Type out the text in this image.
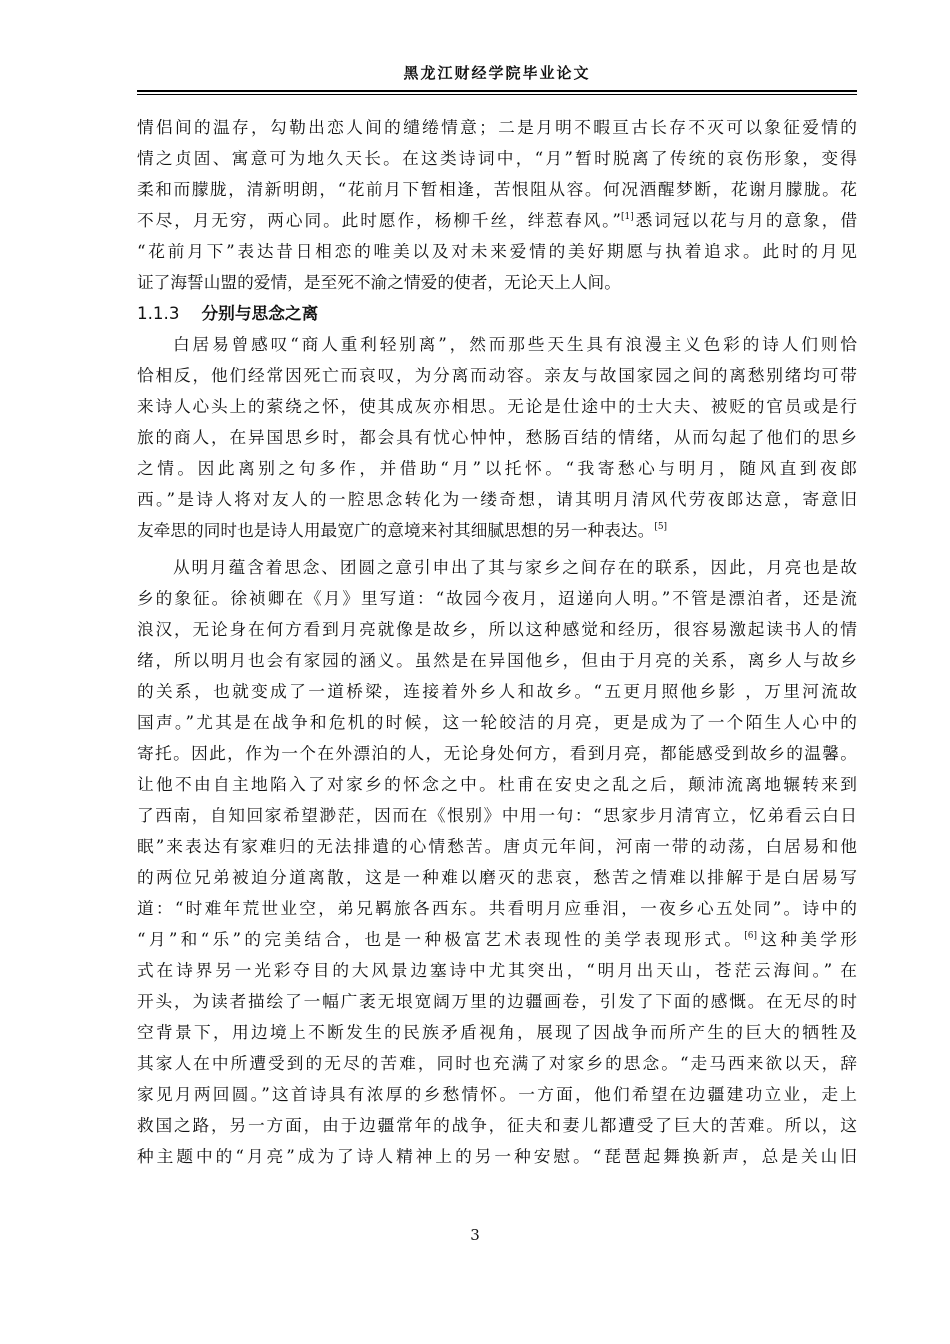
黑龙江财经学院毕业论文
情侣间的温存，勾勒出恋人间的缱绻情意；二是月明不暇亘古长存不灭可以象征爱情的
情之贞固、寓意可为地久天长。在这类诗词中，“月”暂时脱离了传统的哀伤形象，变得
柔和而朦胧，清新明朗，“花前月下暂相逢，苦恨阻从容。何况酒醒梦断，花谢月朦胧。花
不尽，月无穷，两心同。此时愿作，杨柳千丝，绊惹春风。”[1]悉词冠以花与月的意象，借
“花前月下”表达昔日相恋的唯美以及对未来爱情的美好期愿与执着追求。此时的月见
证了海誓山盟的爱情，是至死不渝之情爱的使者，无论天上人间。
1.1.3 分别与思念之离
白居易曾感叹“商人重利轻别离”，然而那些天生具有浪漫主义色彩的诗人们则恰
恰相反，他们经常因死亡而哀叹，为分离而动容。亲友与故国家园之间的离愁别绪均可带
来诗人心头上的萦绕之怀，使其成灰亦相思。无论是仕途中的士大夫、被贬的官员或是行
旅的商人，在异国思乡时，都会具有忧心忡忡，愁肠百结的情绪，从而勾起了他们的思乡
之情。因此离别之句多作，并借助“月”以托怀。“我寄愁心与明月，随风直到夜郎
西。”是诗人将对友人的一腔思念转化为一缕奇想，请其明月清风代劳夜郎达意，寄意旧
友牵思的同时也是诗人用最宽广的意境来衬其细腻思想的另一种表达。[5]
从明月蕴含着思念、团圆之意引申出了其与家乡之间存在的联系，因此，月亮也是故
乡的象征。徐祯卿在《月》里写道：“故园今夜月，迢递向人明。”不管是漂泊者，还是流
浪汉，无论身在何方看到月亮就像是故乡，所以这种感觉和经历，很容易激起读书人的情
绪，所以明月也会有家园的涵义。虽然是在异国他乡，但由于月亮的关系，离乡人与故乡
的关系，也就变成了一道桥梁，连接着外乡人和故乡。“五更月照他乡影 ，万里河流故
国声。”尤其是在战争和危机的时候，这一轮皎洁的月亮，更是成为了一个陌生人心中的
寄托。因此，作为一个在外漂泊的人，无论身处何方，看到月亮，都能感受到故乡的温馨。
让他不由自主地陷入了对家乡的怀念之中。杜甫在安史之乱之后，颠沛流离地辗转来到
了西南，自知回家希望渺茫，因而在《恨别》中用一句：“思家步月清宵立，忆弟看云白日
眠”来表达有家难归的无法排遣的心情愁苦。唐贞元年间，河南一带的动荡，白居易和他
的两位兄弟被迫分道离散，这是一种难以磨灭的悲哀，愁苦之情难以排解于是白居易写
道：“时难年荒世业空，弟兄羁旅各西东。共看明月应垂泪，一夜乡心五处同”。诗中的
“月”和“乐”的完美结合，也是一种极富艺术表现性的美学表现形式。[6]这种美学形
式在诗界另一光彩夺目的大风景边塞诗中尤其突出，“明月出天山，苍茫云海间。” 在
开头，为读者描绘了一幅广袤无垠宽阔万里的边疆画卷，引发了下面的感慨。在无尽的时
空背景下，用边境上不断发生的民族矛盾视角，展现了因战争而所产生的巨大的牺牲及
其家人在中所遭受到的无尽的苦难，同时也充满了对家乡的思念。“走马西来欲以天，辞
家见月两回圆。”这首诗具有浓厚的乡愁情怀。一方面，他们希望在边疆建功立业，走上
救国之路，另一方面，由于边疆常年的战争，征夫和妻儿都遭受了巨大的苦难。所以，这
种主题中的“月亮”成为了诗人精神上的另一种安慰。“琵琶起舞换新声，总是关山旧
3
